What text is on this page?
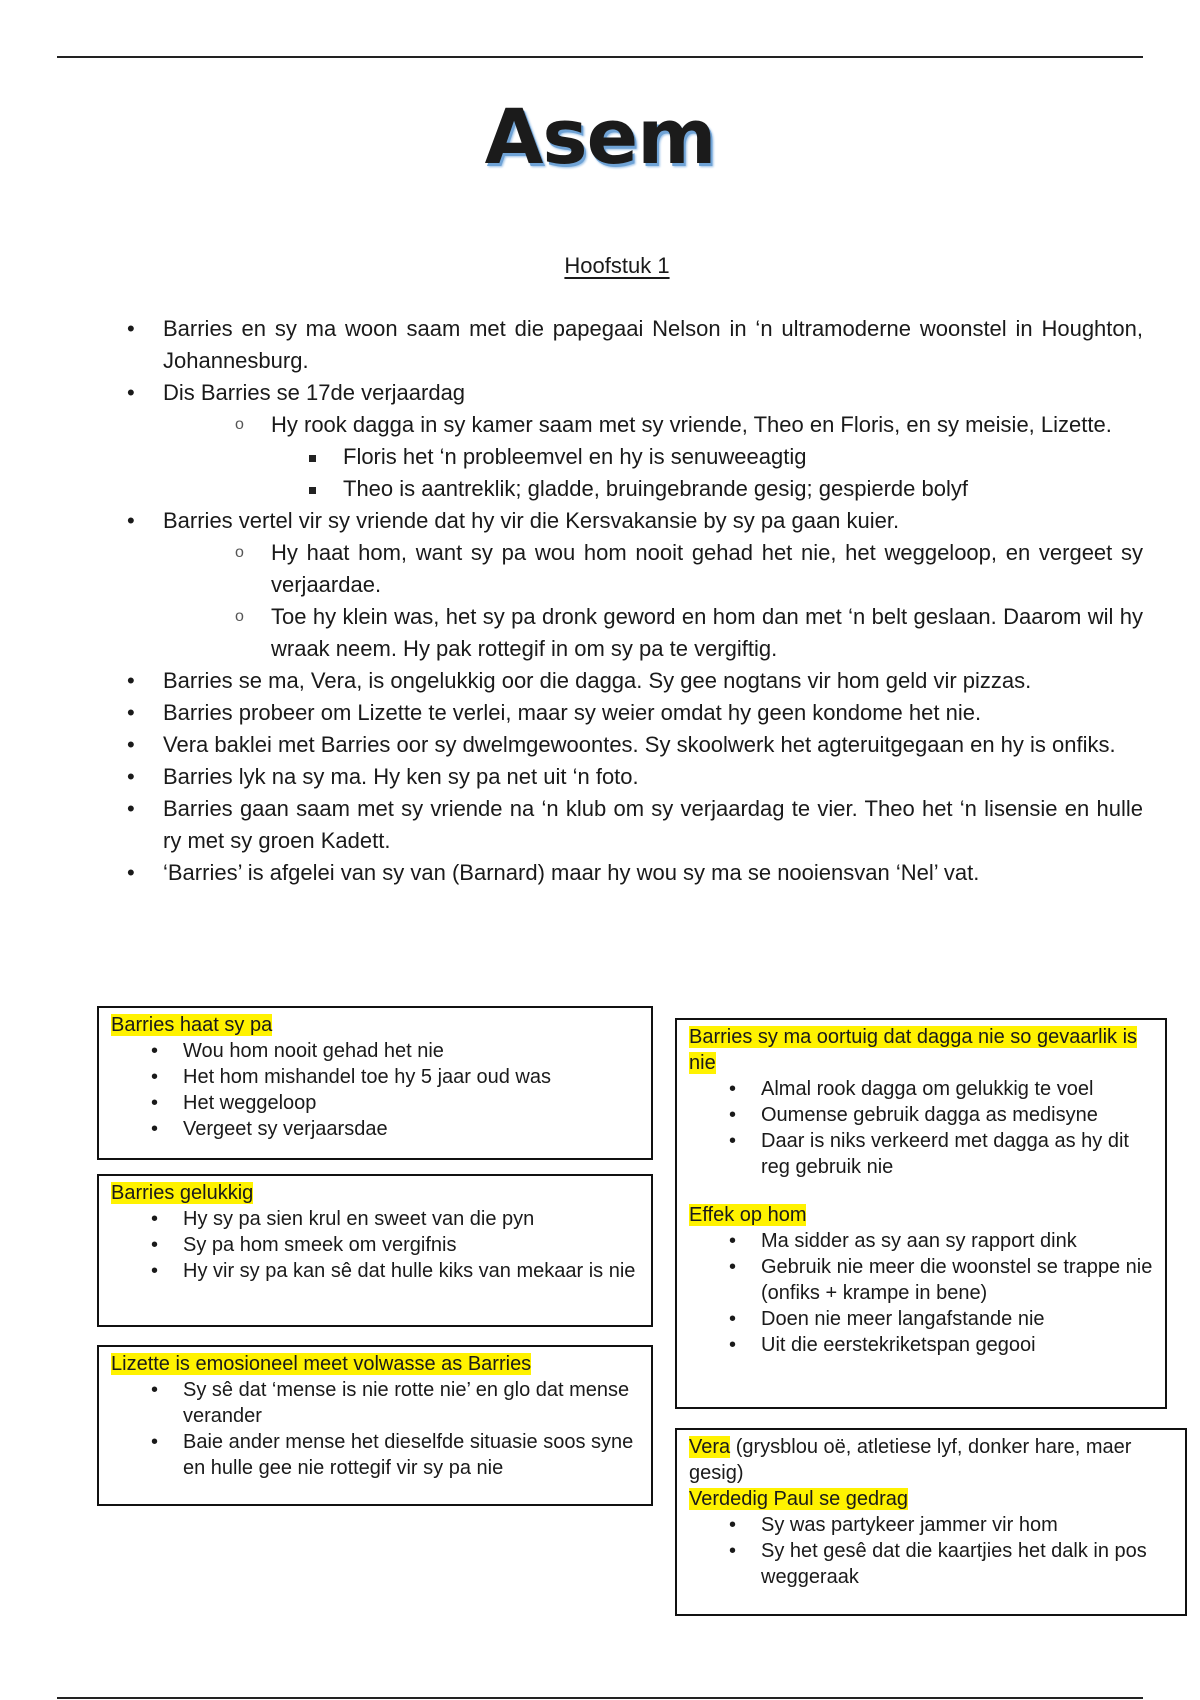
Asem
Hoofstuk 1
• Barries en sy ma woon saam met die papegaai Nelson in ‘n ultramoderne woonstel in Houghton, Johannesburg.
• Dis Barries se 17de verjaardag
o Hy rook dagga in sy kamer saam met sy vriende, Theo en Floris, en sy meisie, Lizette.
Floris het ‘n probleemvel en hy is senuweeagtig
Theo is aantreklik; gladde, bruingebrande gesig; gespierde bolyf
• Barries vertel vir sy vriende dat hy vir die Kersvakansie by sy pa gaan kuier.
o Hy haat hom, want sy pa wou hom nooit gehad het nie, het weggeloop, en vergeet sy verjaardae.
o Toe hy klein was, het sy pa dronk geword en hom dan met ‘n belt geslaan. Daarom wil hy wraak neem. Hy pak rottegif in om sy pa te vergiftig.
• Barries se ma, Vera, is ongelukkig oor die dagga. Sy gee nogtans vir hom geld vir pizzas.
• Barries probeer om Lizette te verlei, maar sy weier omdat hy geen kondome het nie.
• Vera baklei met Barries oor sy dwelmgewoontes. Sy skoolwerk het agteruitgegaan en hy is onfiks.
• Barries lyk na sy ma. Hy ken sy pa net uit ‘n foto.
• Barries gaan saam met sy vriende na ‘n klub om sy verjaardag te vier. Theo het ‘n lisensie en hulle ry met sy groen Kadett.
• ‘Barries’ is afgelei van sy van (Barnard) maar hy wou sy ma se nooiensvan ‘Nel’ vat.
Barries haat sy pa
• Wou hom nooit gehad het nie
• Het hom mishandel toe hy 5 jaar oud was
• Het weggeloop
• Vergeet sy verjaarsdae
Barries gelukkig
• Hy sy pa sien krul en sweet van die pyn
• Sy pa hom smeek om vergifnis
• Hy vir sy pa kan sê dat hulle kiks van mekaar is nie
Lizette is emosioneel meet volwasse as Barries
• Sy sê dat ‘mense is nie rotte nie’ en glo dat mense verander
• Baie ander mense het dieselfde situasie soos syne en hulle gee nie rottegif vir sy pa nie
Barries sy ma oortuig dat dagga nie so gevaarlik is nie
• Almal rook dagga om gelukkig te voel
• Oumense gebruik dagga as medisyne
• Daar is niks verkeerd met dagga as hy dit reg gebruik nie
Effek op hom
• Ma sidder as sy aan sy rapport dink
• Gebruik nie meer die woonstel se trappe nie (onfiks + krampe in bene)
• Doen nie meer langafstande nie
• Uit die eerstekriketspan gegooi
Vera (grysblou oë, atletiese lyf, donker hare, maer gesig)
Verdedig Paul se gedrag
• Sy was partykeer jammer vir hom
• Sy het gesê dat die kaartjies het dalk in pos weggeraak
